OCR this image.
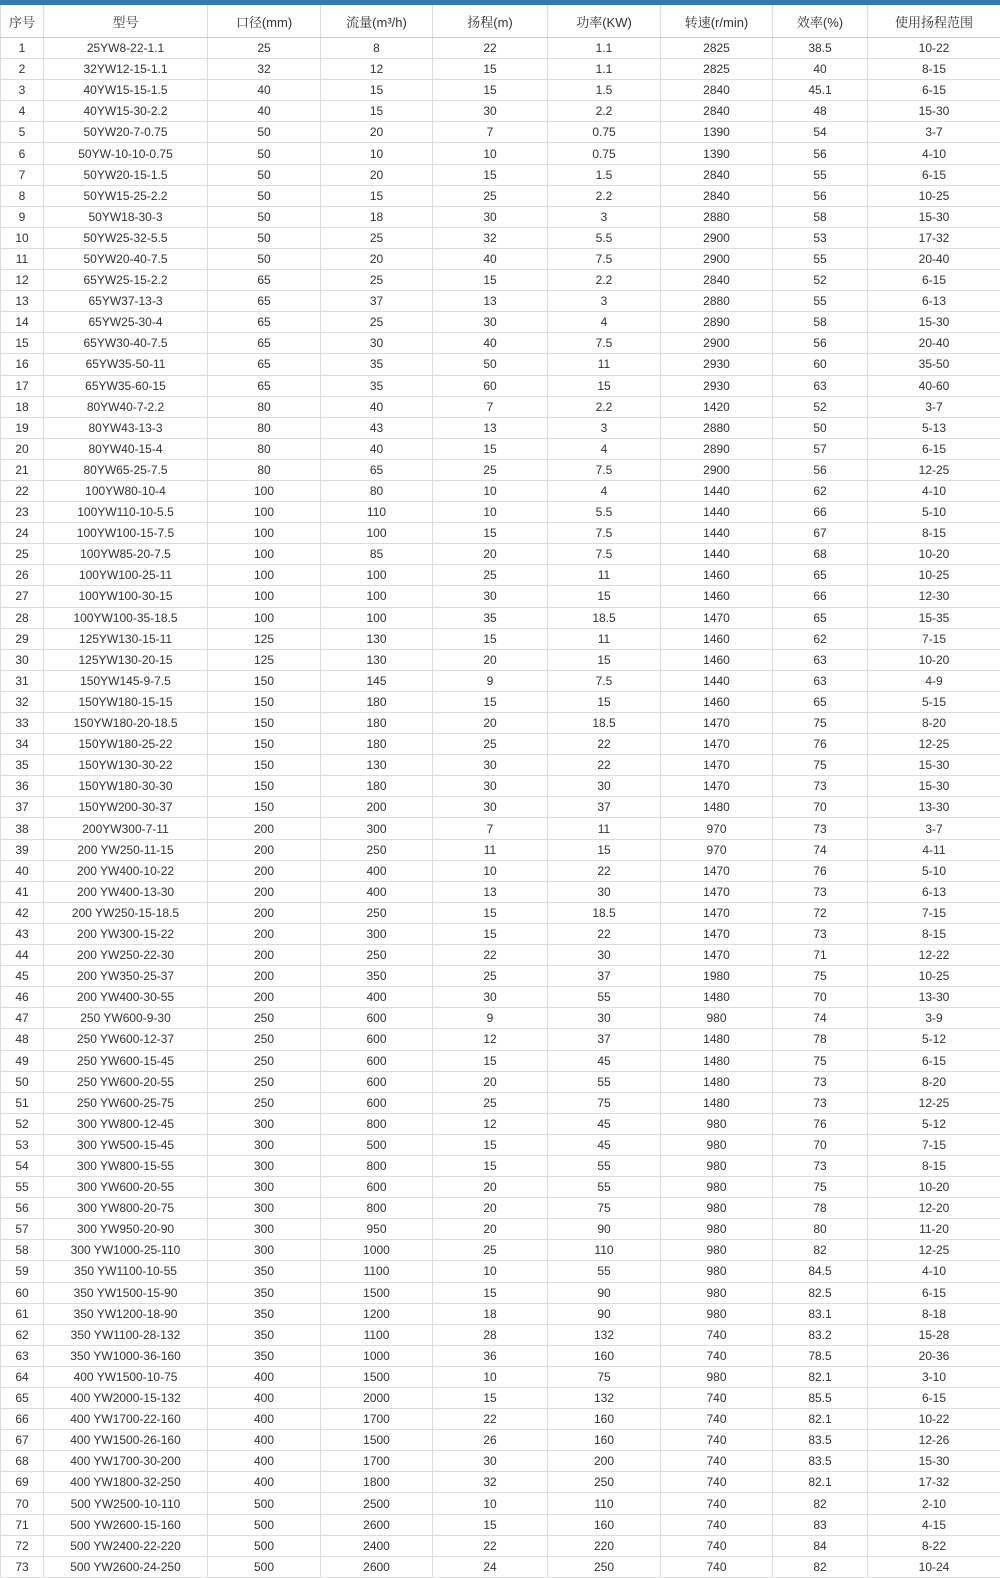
序号	型号	口径(mm)	流量(m³/h)	扬程(m)	功率(KW)	转速(r/min)	效率(%)	使用扬程范围
1	25YW8-22-1.1	25	8	22	1.1	2825	38.5	10-22
2	32YW12-15-1.1	32	12	15	1.1	2825	40	8-15
3	40YW15-15-1.5	40	15	15	1.5	2840	45.1	6-15
4	40YW15-30-2.2	40	15	30	2.2	2840	48	15-30
5	50YW20-7-0.75	50	20	7	0.75	1390	54	3-7
6	50YW-10-10-0.75	50	10	10	0.75	1390	56	4-10
7	50YW20-15-1.5	50	20	15	1.5	2840	55	6-15
8	50YW15-25-2.2	50	15	25	2.2	2840	56	10-25
9	50YW18-30-3	50	18	30	3	2880	58	15-30
10	50YW25-32-5.5	50	25	32	5.5	2900	53	17-32
11	50YW20-40-7.5	50	20	40	7.5	2900	55	20-40
12	65YW25-15-2.2	65	25	15	2.2	2840	52	6-15
13	65YW37-13-3	65	37	13	3	2880	55	6-13
14	65YW25-30-4	65	25	30	4	2890	58	15-30
15	65YW30-40-7.5	65	30	40	7.5	2900	56	20-40
16	65YW35-50-11	65	35	50	11	2930	60	35-50
17	65YW35-60-15	65	35	60	15	2930	63	40-60
18	80YW40-7-2.2	80	40	7	2.2	1420	52	3-7
19	80YW43-13-3	80	43	13	3	2880	50	5-13
20	80YW40-15-4	80	40	15	4	2890	57	6-15
21	80YW65-25-7.5	80	65	25	7.5	2900	56	12-25
22	100YW80-10-4	100	80	10	4	1440	62	4-10
23	100YW110-10-5.5	100	110	10	5.5	1440	66	5-10
24	100YW100-15-7.5	100	100	15	7.5	1440	67	8-15
25	100YW85-20-7.5	100	85	20	7.5	1440	68	10-20
26	100YW100-25-11	100	100	25	11	1460	65	10-25
27	100YW100-30-15	100	100	30	15	1460	66	12-30
28	100YW100-35-18.5	100	100	35	18.5	1470	65	15-35
29	125YW130-15-11	125	130	15	11	1460	62	7-15
30	125YW130-20-15	125	130	20	15	1460	63	10-20
31	150YW145-9-7.5	150	145	9	7.5	1440	63	4-9
32	150YW180-15-15	150	180	15	15	1460	65	5-15
33	150YW180-20-18.5	150	180	20	18.5	1470	75	8-20
34	150YW180-25-22	150	180	25	22	1470	76	12-25
35	150YW130-30-22	150	130	30	22	1470	75	15-30
36	150YW180-30-30	150	180	30	30	1470	73	15-30
37	150YW200-30-37	150	200	30	37	1480	70	13-30
38	200YW300-7-11	200	300	7	11	970	73	3-7
39	200 YW250-11-15	200	250	11	15	970	74	4-11
40	200 YW400-10-22	200	400	10	22	1470	76	5-10
41	200 YW400-13-30	200	400	13	30	1470	73	6-13
42	200 YW250-15-18.5	200	250	15	18.5	1470	72	7-15
43	200 YW300-15-22	200	300	15	22	1470	73	8-15
44	200 YW250-22-30	200	250	22	30	1470	71	12-22
45	200 YW350-25-37	200	350	25	37	1980	75	10-25
46	200 YW400-30-55	200	400	30	55	1480	70	13-30
47	250 YW600-9-30	250	600	9	30	980	74	3-9
48	250 YW600-12-37	250	600	12	37	1480	78	5-12
49	250 YW600-15-45	250	600	15	45	1480	75	6-15
50	250 YW600-20-55	250	600	20	55	1480	73	8-20
51	250 YW600-25-75	250	600	25	75	1480	73	12-25
52	300 YW800-12-45	300	800	12	45	980	76	5-12
53	300 YW500-15-45	300	500	15	45	980	70	7-15
54	300 YW800-15-55	300	800	15	55	980	73	8-15
55	300 YW600-20-55	300	600	20	55	980	75	10-20
56	300 YW800-20-75	300	800	20	75	980	78	12-20
57	300 YW950-20-90	300	950	20	90	980	80	11-20
58	300 YW1000-25-110	300	1000	25	110	980	82	12-25
59	350 YW1100-10-55	350	1100	10	55	980	84.5	4-10
60	350 YW1500-15-90	350	1500	15	90	980	82.5	6-15
61	350 YW1200-18-90	350	1200	18	90	980	83.1	8-18
62	350 YW1100-28-132	350	1100	28	132	740	83.2	15-28
63	350 YW1000-36-160	350	1000	36	160	740	78.5	20-36
64	400 YW1500-10-75	400	1500	10	75	980	82.1	3-10
65	400 YW2000-15-132	400	2000	15	132	740	85.5	6-15
66	400 YW1700-22-160	400	1700	22	160	740	82.1	10-22
67	400 YW1500-26-160	400	1500	26	160	740	83.5	12-26
68	400 YW1700-30-200	400	1700	30	200	740	83.5	15-30
69	400 YW1800-32-250	400	1800	32	250	740	82.1	17-32
70	500 YW2500-10-110	500	2500	10	110	740	82	2-10
71	500 YW2600-15-160	500	2600	15	160	740	83	4-15
72	500 YW2400-22-220	500	2400	22	220	740	84	8-22
73	500 YW2600-24-250	500	2600	24	250	740	82	10-24
